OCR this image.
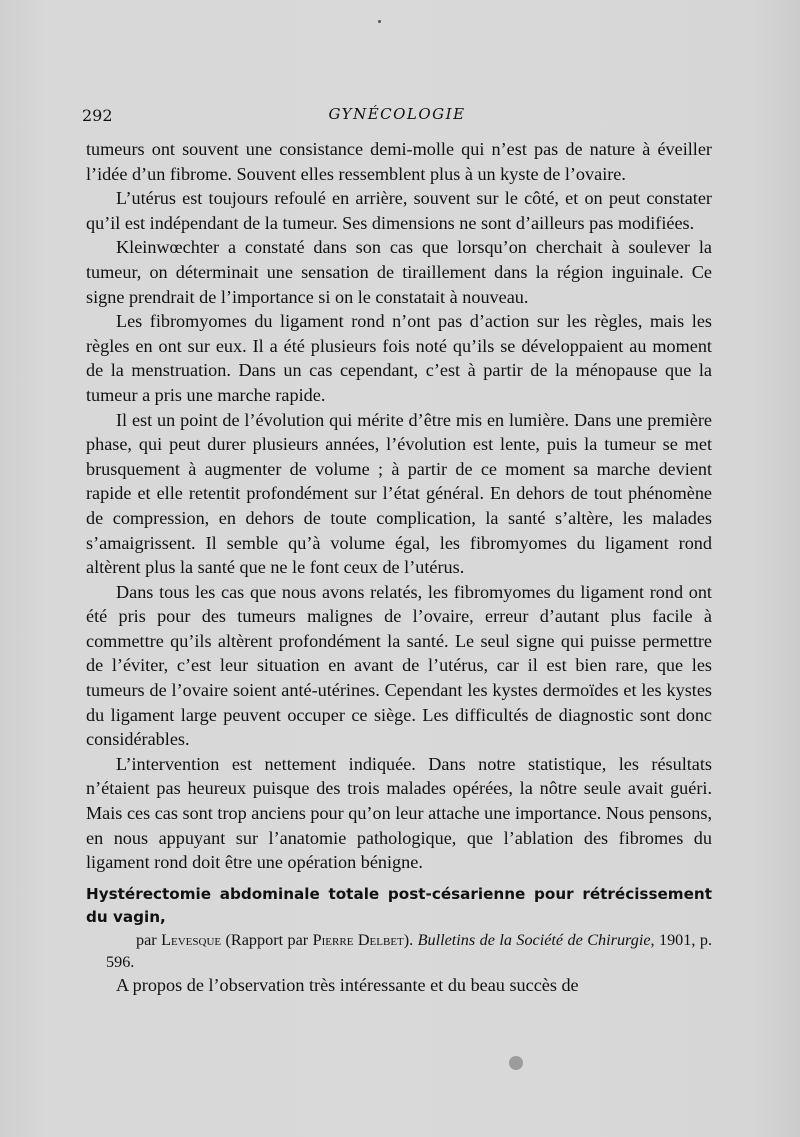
292	GYNÉCOLOGIE

tumeurs ont souvent une consistance demi-molle qui n’est pas de nature à éveiller l’idée d’un fibrome. Souvent elles ressemblent plus à un kyste de l’ovaire.

L’utérus est toujours refoulé en arrière, souvent sur le côté, et on peut constater qu’il est indépendant de la tumeur. Ses dimensions ne sont d’ailleurs pas modifiées.

Kleinwœchter a constaté dans son cas que lorsqu’on cherchait à soulever la tumeur, on déterminait une sensation de tiraillement dans la région inguinale. Ce signe prendrait de l’importance si on le constatait à nouveau.

Les fibromyomes du ligament rond n’ont pas d’action sur les règles, mais les règles en ont sur eux. Il a été plusieurs fois noté qu’ils se développaient au moment de la menstruation. Dans un cas cependant, c’est à partir de la ménopause que la tumeur a pris une marche rapide.

Il est un point de l’évolution qui mérite d’être mis en lumière. Dans une première phase, qui peut durer plusieurs années, l’évolution est lente, puis la tumeur se met brusquement à augmenter de volume ; à partir de ce moment sa marche devient rapide et elle retentit profondément sur l’état général. En dehors de tout phénomène de compression, en dehors de toute complication, la santé s’altère, les malades s’amaigrissent. Il semble qu’à volume égal, les fibromyomes du ligament rond altèrent plus la santé que ne le font ceux de l’utérus.

Dans tous les cas que nous avons relatés, les fibromyomes du ligament rond ont été pris pour des tumeurs malignes de l’ovaire, erreur d’autant plus facile à commettre qu’ils altèrent profondément la santé. Le seul signe qui puisse permettre de l’éviter, c’est leur situation en avant de l’utérus, car il est bien rare, que les tumeurs de l’ovaire soient anté-utérines. Cependant les kystes dermoïdes et les kystes du ligament large peuvent occuper ce siège. Les difficultés de diagnostic sont donc considérables.

L’intervention est nettement indiquée. Dans notre statistique, les résultats n’étaient pas heureux puisque des trois malades opérées, la nôtre seule avait guéri. Mais ces cas sont trop anciens pour qu’on leur attache une importance. Nous pensons, en nous appuyant sur l’anatomie pathologique, que l’ablation des fibromes du ligament rond doit être une opération bénigne.

Hystérectomie abdominale totale post-césarienne pour rétrécissement du vagin,

par Levesque (Rapport par Pierre Delbet). Bulletins de la Société de Chirurgie, 1901, p. 596.

A propos de l’observation très intéressante et du beau succès de
